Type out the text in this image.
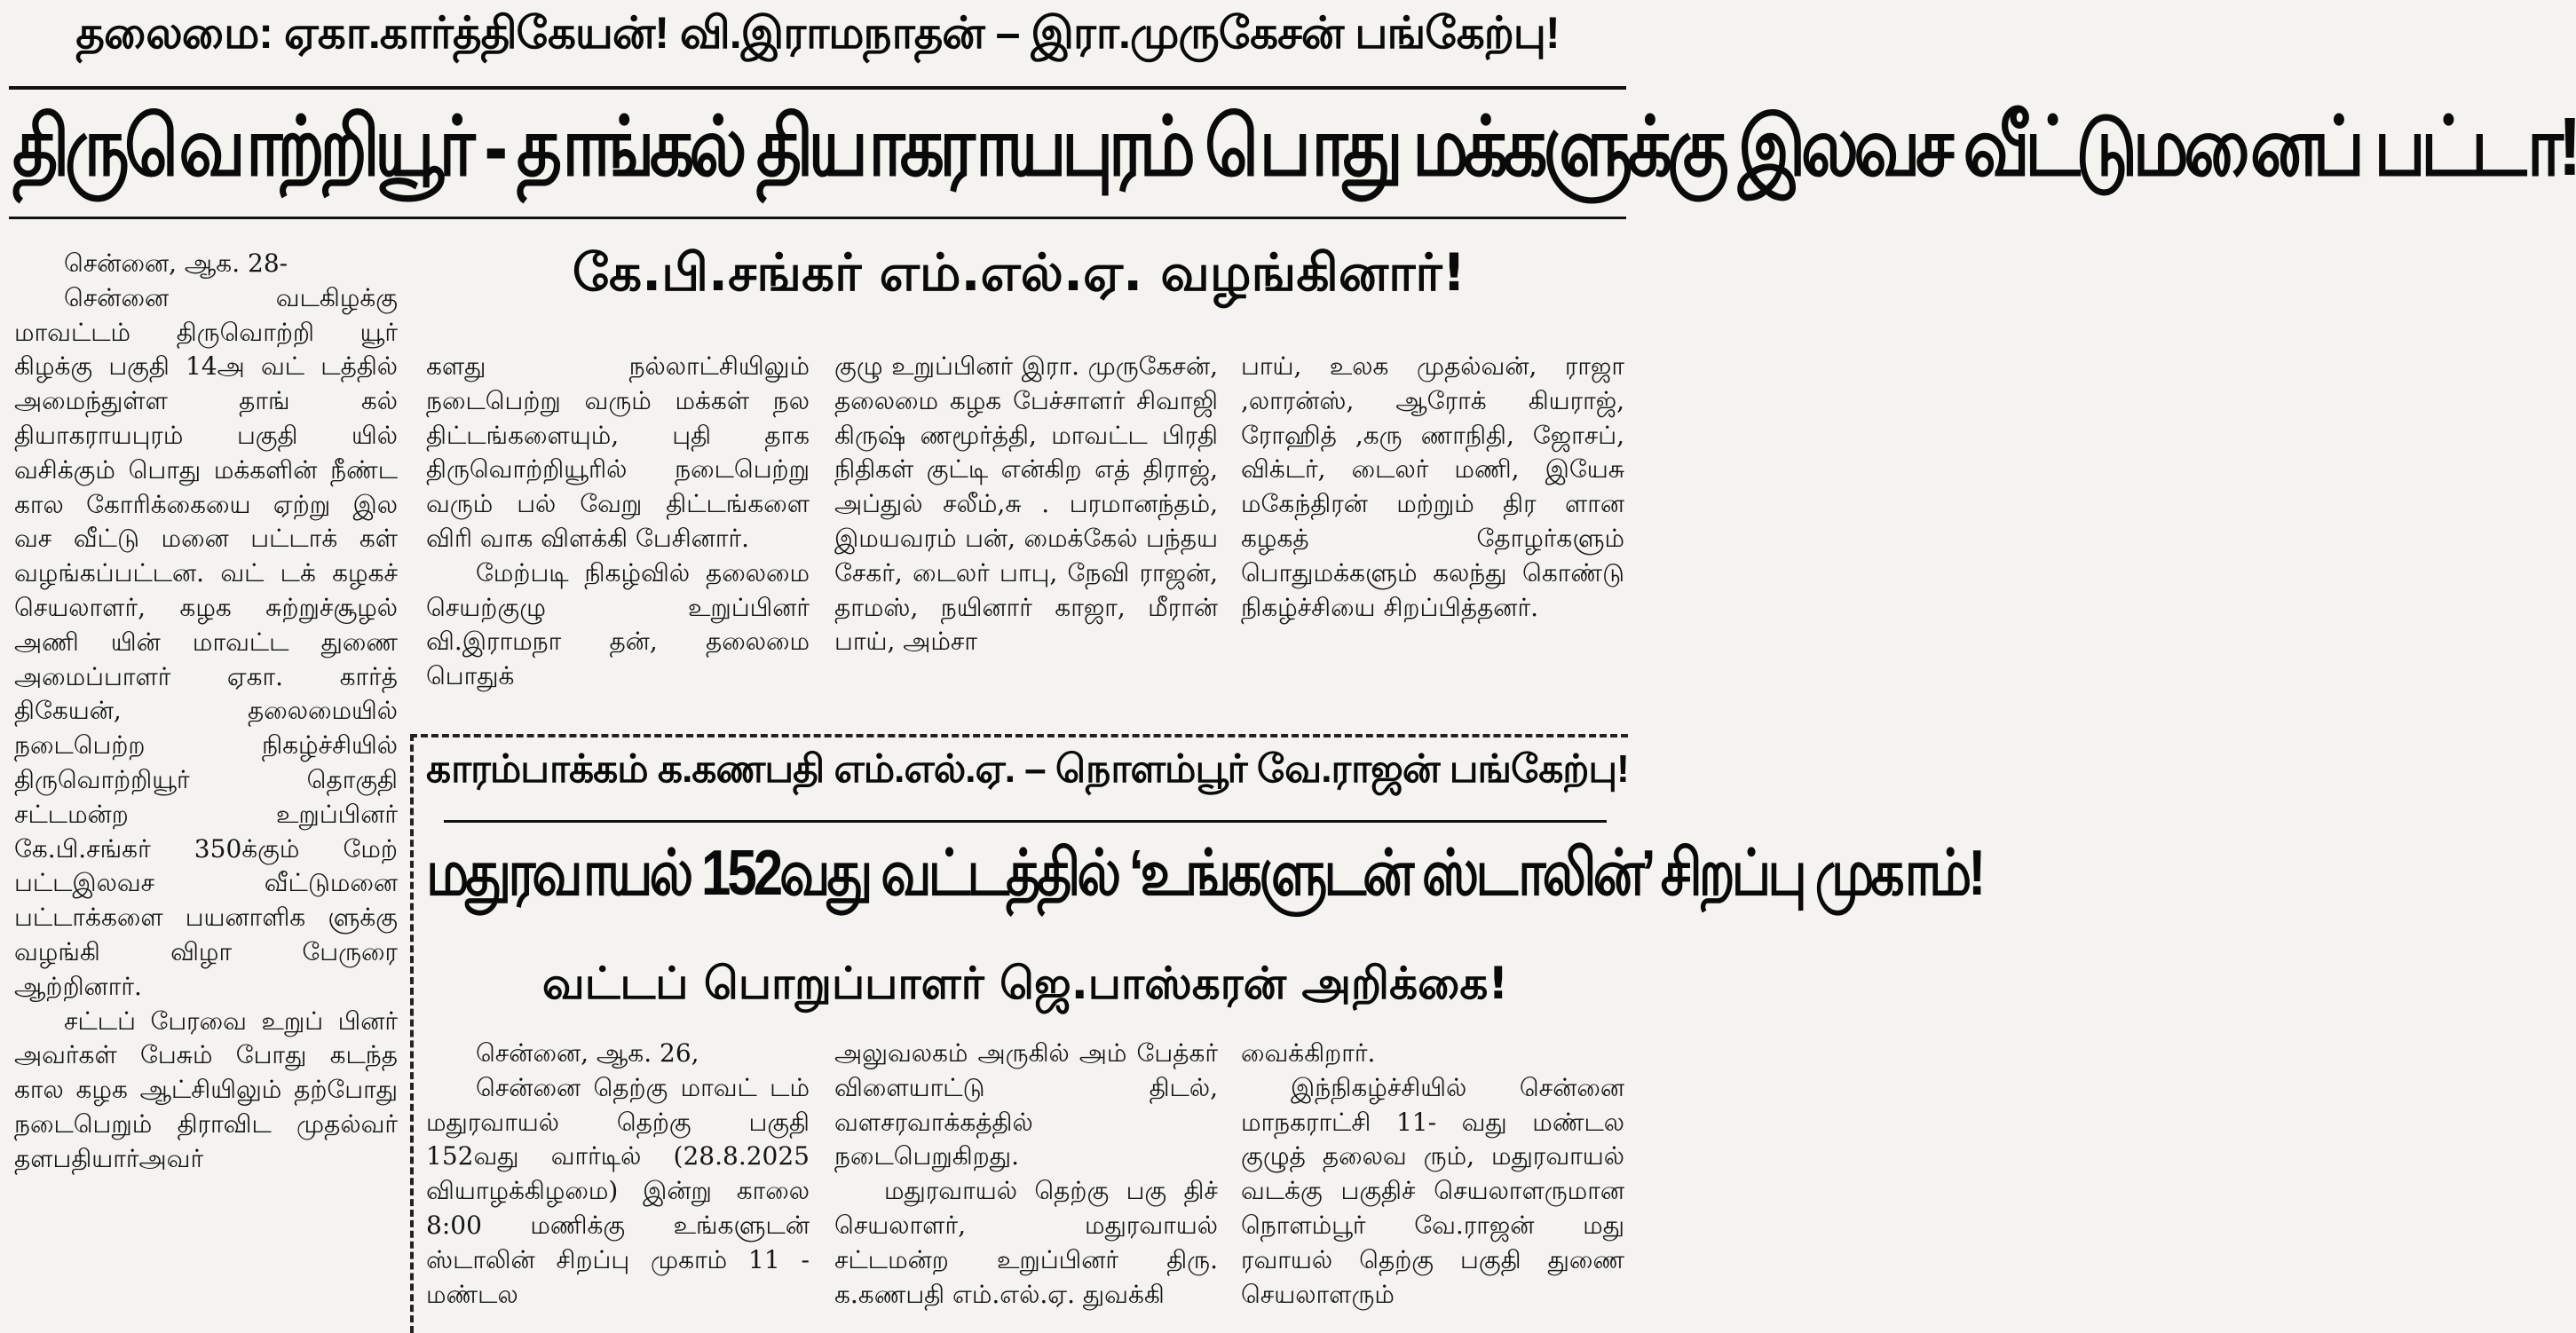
தலைமை: ஏகா.கார்த்திகேயன்! வி.இராமநாதன் – இரா.முருகேசன் பங்கேற்பு!
திருவொற்றியூர் - தாங்கல் தியாகராயபுரம் பொது மக்களுக்கு இலவச வீட்டுமனைப் பட்டா!
கே.பி.சங்கர் எம்.எல்.ஏ. வழங்கினார்!

சென்னை, ஆக. 28-

சென்னை வடகிழக்கு மாவட்டம் திருவொற்றி யூர் கிழக்கு பகுதி 14அ வட் டத்தில் அமைந்துள்ள தாங் கல் தியாகராயபுரம் பகுதி யில் வசிக்கும் பொது மக்களின் நீண்ட கால கோரிக்கையை ஏற்று இல வச வீட்டு மனை பட்டாக் கள் வழங்கப்பட்டன. வட் டக் கழகச் செயலாளர், கழக சுற்றுச்சூழல் அணி யின் மாவட்ட துணை அமைப்பாளர் ஏகா. கார்த் திகேயன், தலைமையில் நடைபெற்ற நிகழ்ச்சியில் திருவொற்றியூர் தொகுதி சட்டமன்ற உறுப்பினர் கே.பி.சங்கர் 350க்கும் மேற் பட்டஇலவச வீட்டுமனை பட்டாக்களை பயனாளிக ளுக்கு வழங்கி விழா பேருரை ஆற்றினார்.

சட்டப் பேரவை உறுப் பினர் அவர்கள் பேசும் போது கடந்த கால கழக ஆட்சியிலும் தற்போது நடைபெறும் திராவிட முதல்வர் தளபதியார்அவர்

களது நல்லாட்சியிலும் நடைபெற்று வரும் மக்கள் நல திட்டங்களையும், புதி தாக திருவொற்றியூரில் நடைபெற்று வரும் பல் வேறு திட்டங்களை விரி வாக விளக்கி பேசினார்.

மேற்படி நிகழ்வில் தலைமை செயற்குழு உறுப்பினர் வி.இராமநா தன், தலைமை பொதுக்

குழு உறுப்பினர் இரா. முருகேசன், தலைமை கழக பேச்சாளர் சிவாஜி கிருஷ் ணமூர்த்தி, மாவட்ட பிரதி நிதிகள் குட்டி என்கிற எத் திராஜ், அப்துல் சலீம்,சு . பரமானந்தம், இமயவரம் பன், மைக்கேல் பந்தய சேகர், டைலர் பாபு, நேவி ராஜன், தாமஸ், நயினார் காஜா, மீரான் பாய், அம்சா

பாய், உலக முதல்வன், ராஜா ,லாரன்ஸ், ஆரோக் கியராஜ், ரோஹித் ,கரு ணாநிதி, ஜோசப், விக்டர், டைலர் மணி, இயேசு மகேந்திரன் மற்றும் திர ளான கழகத் தோழர்களும் பொதுமக்களும் கலந்து கொண்டு நிகழ்ச்சியை சிறப்பித்தனர்.

காரம்பாக்கம் க.கணபதி எம்.எல்.ஏ. – நொளம்பூர் வே.ராஜன் பங்கேற்பு!
மதுரவாயல் 152வது வட்டத்தில் ‘உங்களுடன் ஸ்டாலின்’ சிறப்பு முகாம்!
வட்டப் பொறுப்பாளர் ஜெ.பாஸ்கரன் அறிக்கை!

சென்னை, ஆக. 26,

சென்னை தெற்கு மாவட் டம் மதுரவாயல் தெற்கு பகுதி 152வது வார்டில் (28.8.2025 வியாழக்கிழமை) இன்று காலை 8:00 மணிக்கு உங்களுடன் ஸ்டாலின் சிறப்பு முகாம் 11 - மண்டல

அலுவலகம் அருகில் அம் பேத்கர் விளையாட்டு திடல், வளசரவாக்கத்தில் நடைபெறுகிறது.

மதுரவாயல் தெற்கு பகு திச் செயலாளர், மதுரவாயல் சட்டமன்ற உறுப்பினர் திரு. க.கணபதி எம்.எல்.ஏ. துவக்கி

வைக்கிறார்.

இந்நிகழ்ச்சியில் சென்னை மாநகராட்சி 11- வது மண்டல குழுத் தலைவ ரும், மதுரவாயல் வடக்கு பகுதிச் செயலாளருமான நொளம்பூர் வே.ராஜன் மது ரவாயல் தெற்கு பகுதி துணை செயலாளரும்
